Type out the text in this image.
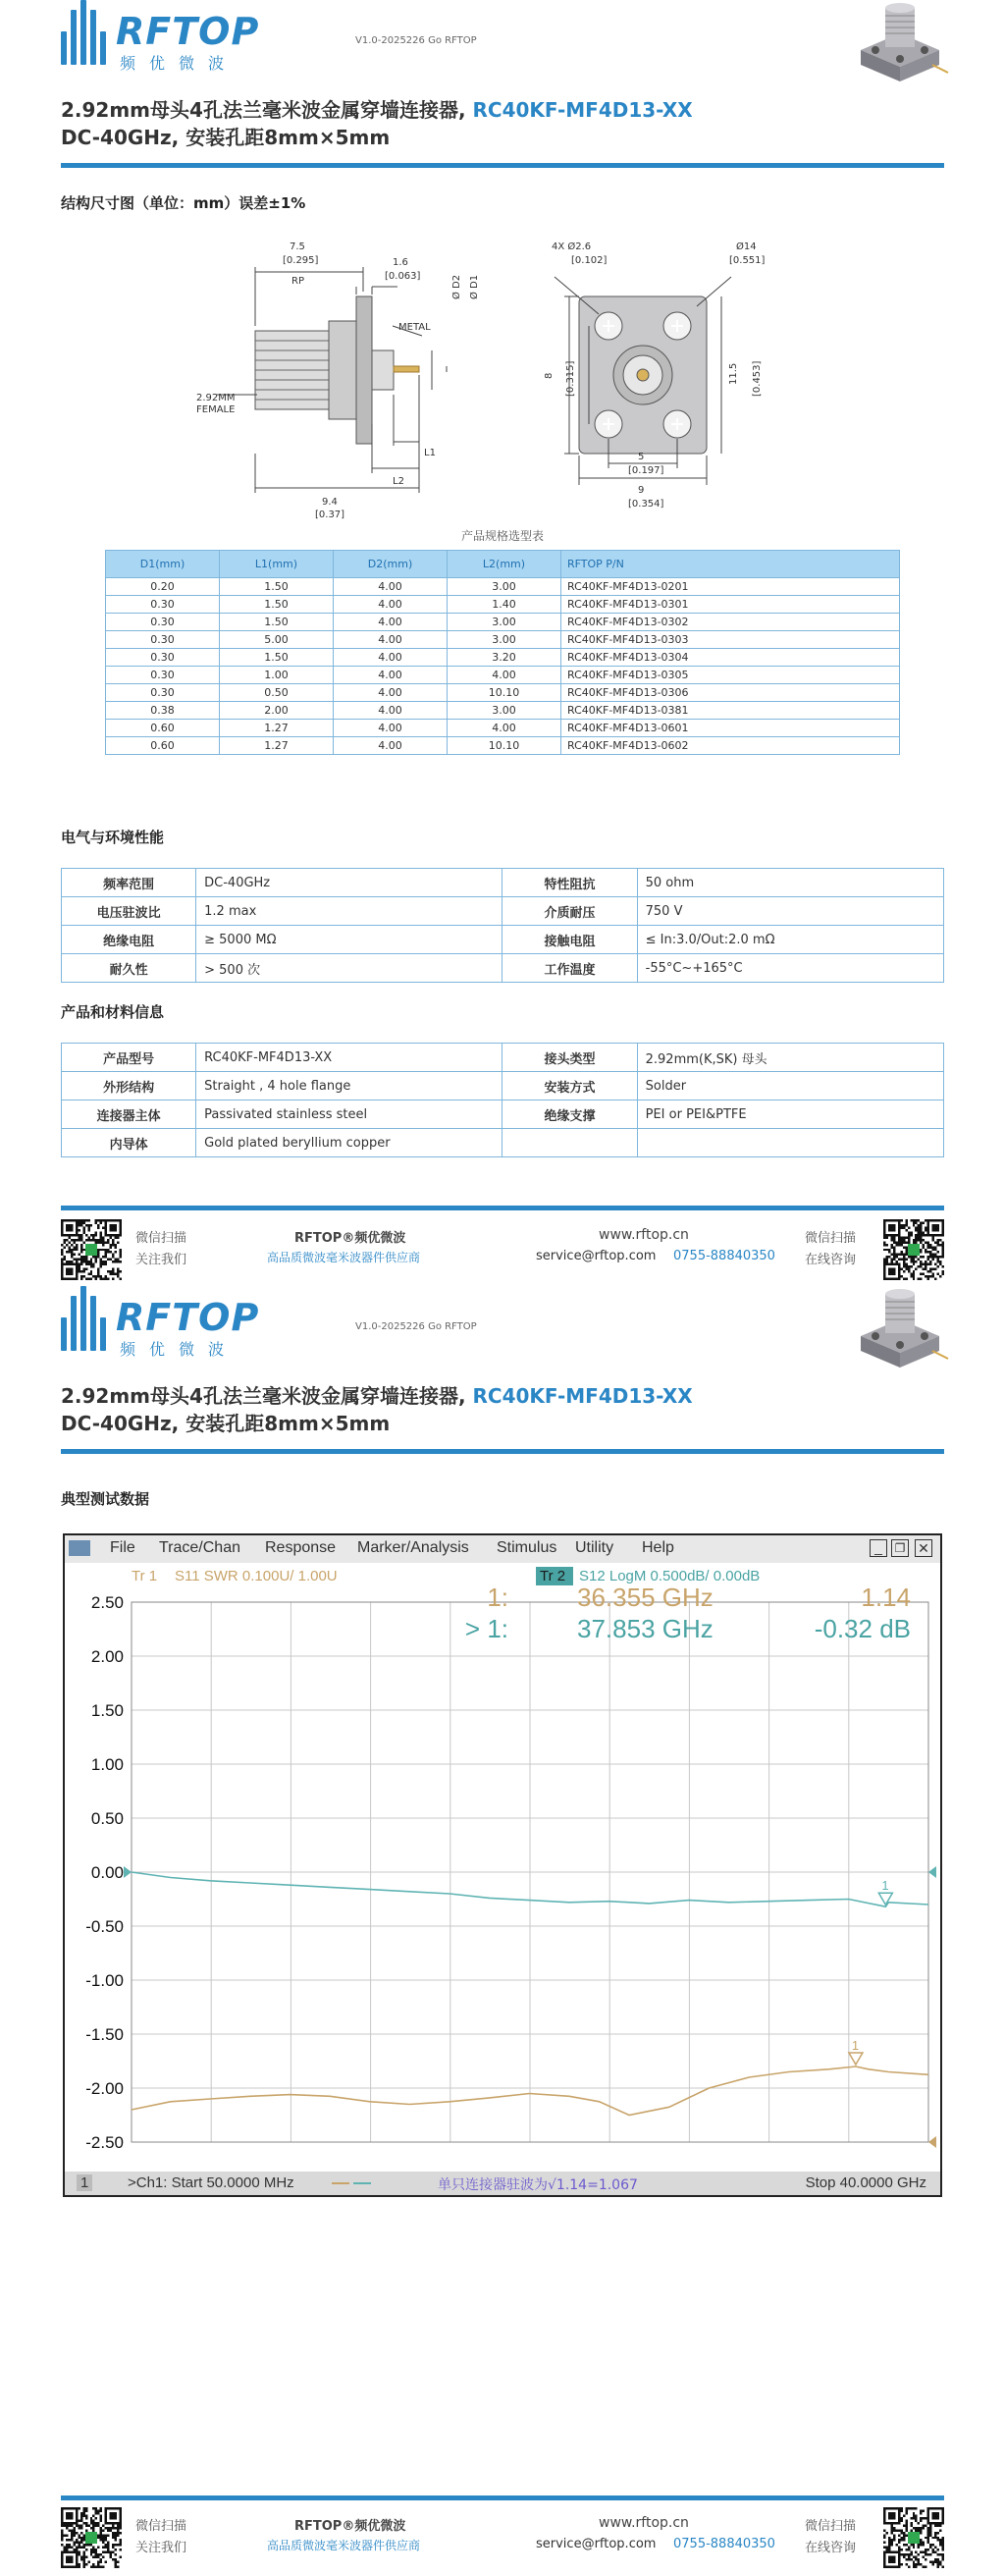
RFTOP
频优微波
V1.0-2025226 Go RFTOP
2.92mm母头4孔法兰毫米波金属穿墙连接器, RC40KF-MF4D13-XX
DC-40GHz, 安装孔距8mm×5mm
结构尺寸图（单位：mm）误差±1%
7.5
[0.295]
RP
1.6
[0.063]	Ø D2 Ø D1
METAL
2.92MM
FEMALE
L1
L2
9.4
[0.37]
4X Ø2.6
[0.102]
Ø14
[0.551]
8 [0.315]	11.5 [0.453]
5
[0.197]
9
[0.354]
产品规格选型表
D1(mm)	L1(mm)	D2(mm)	L2(mm)	RFTOP P/N
0.20	1.50	4.00	3.00	RC40KF-MF4D13-0201
0.30	1.50	4.00	1.40	RC40KF-MF4D13-0301
0.30	1.50	4.00	3.00	RC40KF-MF4D13-0302
0.30	5.00	4.00	3.00	RC40KF-MF4D13-0303
0.30	1.50	4.00	3.20	RC40KF-MF4D13-0304
0.30	1.00	4.00	4.00	RC40KF-MF4D13-0305
0.30	0.50	4.00	10.10	RC40KF-MF4D13-0306
0.38	2.00	4.00	3.00	RC40KF-MF4D13-0381
0.60	1.27	4.00	4.00	RC40KF-MF4D13-0601
0.60	1.27	4.00	10.10	RC40KF-MF4D13-0602
电气与环境性能
频率范围	DC-40GHz	特性阻抗	50 ohm
电压驻波比	1.2 max	介质耐压	750 V
绝缘电阻	≥ 5000 MΩ	接触电阻	≤ In:3.0/Out:2.0 mΩ
耐久性	> 500 次	工作温度	-55°C~+165°C
产品和材料信息
产品型号	RC40KF-MF4D13-XX	接头类型	2.92mm(K,SK) 母头
外形结构	Straight , 4 hole flange	安装方式	Solder
连接器主体	Passivated stainless steel	绝缘支撑	PEI or PEI&PTFE
内导体	Gold plated beryllium copper		
微信扫描
关注我们
RFTOP®频优微波
高品质微波毫米波器件供应商
www.rftop.cn
service@rftop.com 0755-88840350
微信扫描
在线咨询
RFTOP
频优微波
V1.0-2025226 Go RFTOP
2.92mm母头4孔法兰毫米波金属穿墙连接器, RC40KF-MF4D13-XX
DC-40GHz, 安装孔距8mm×5mm
典型测试数据
File Trace/Chan Response Marker/Analysis Stimulus Utility Help	_	❐ ✕
2.50
2.00
1.50
1.00
0.50
0.00
-0.50
-1.00
-1.50
-2.00
-2.50
1
1
Tr 1 S11 SWR 0.100U/ 1.00U	Tr 2 S12 LogM 0.500dB/ 0.00dB
1:	36.355 GHz	1.14
> 1:	37.853 GHz	-0.32 dB
1	>Ch1: Start 50.0000 MHz	单只连接器驻波为√1.14=1.067	Stop 40.0000 GHz
微信扫描
关注我们
RFTOP®频优微波
高品质微波毫米波器件供应商
www.rftop.cn
service@rftop.com 0755-88840350
微信扫描
在线咨询
